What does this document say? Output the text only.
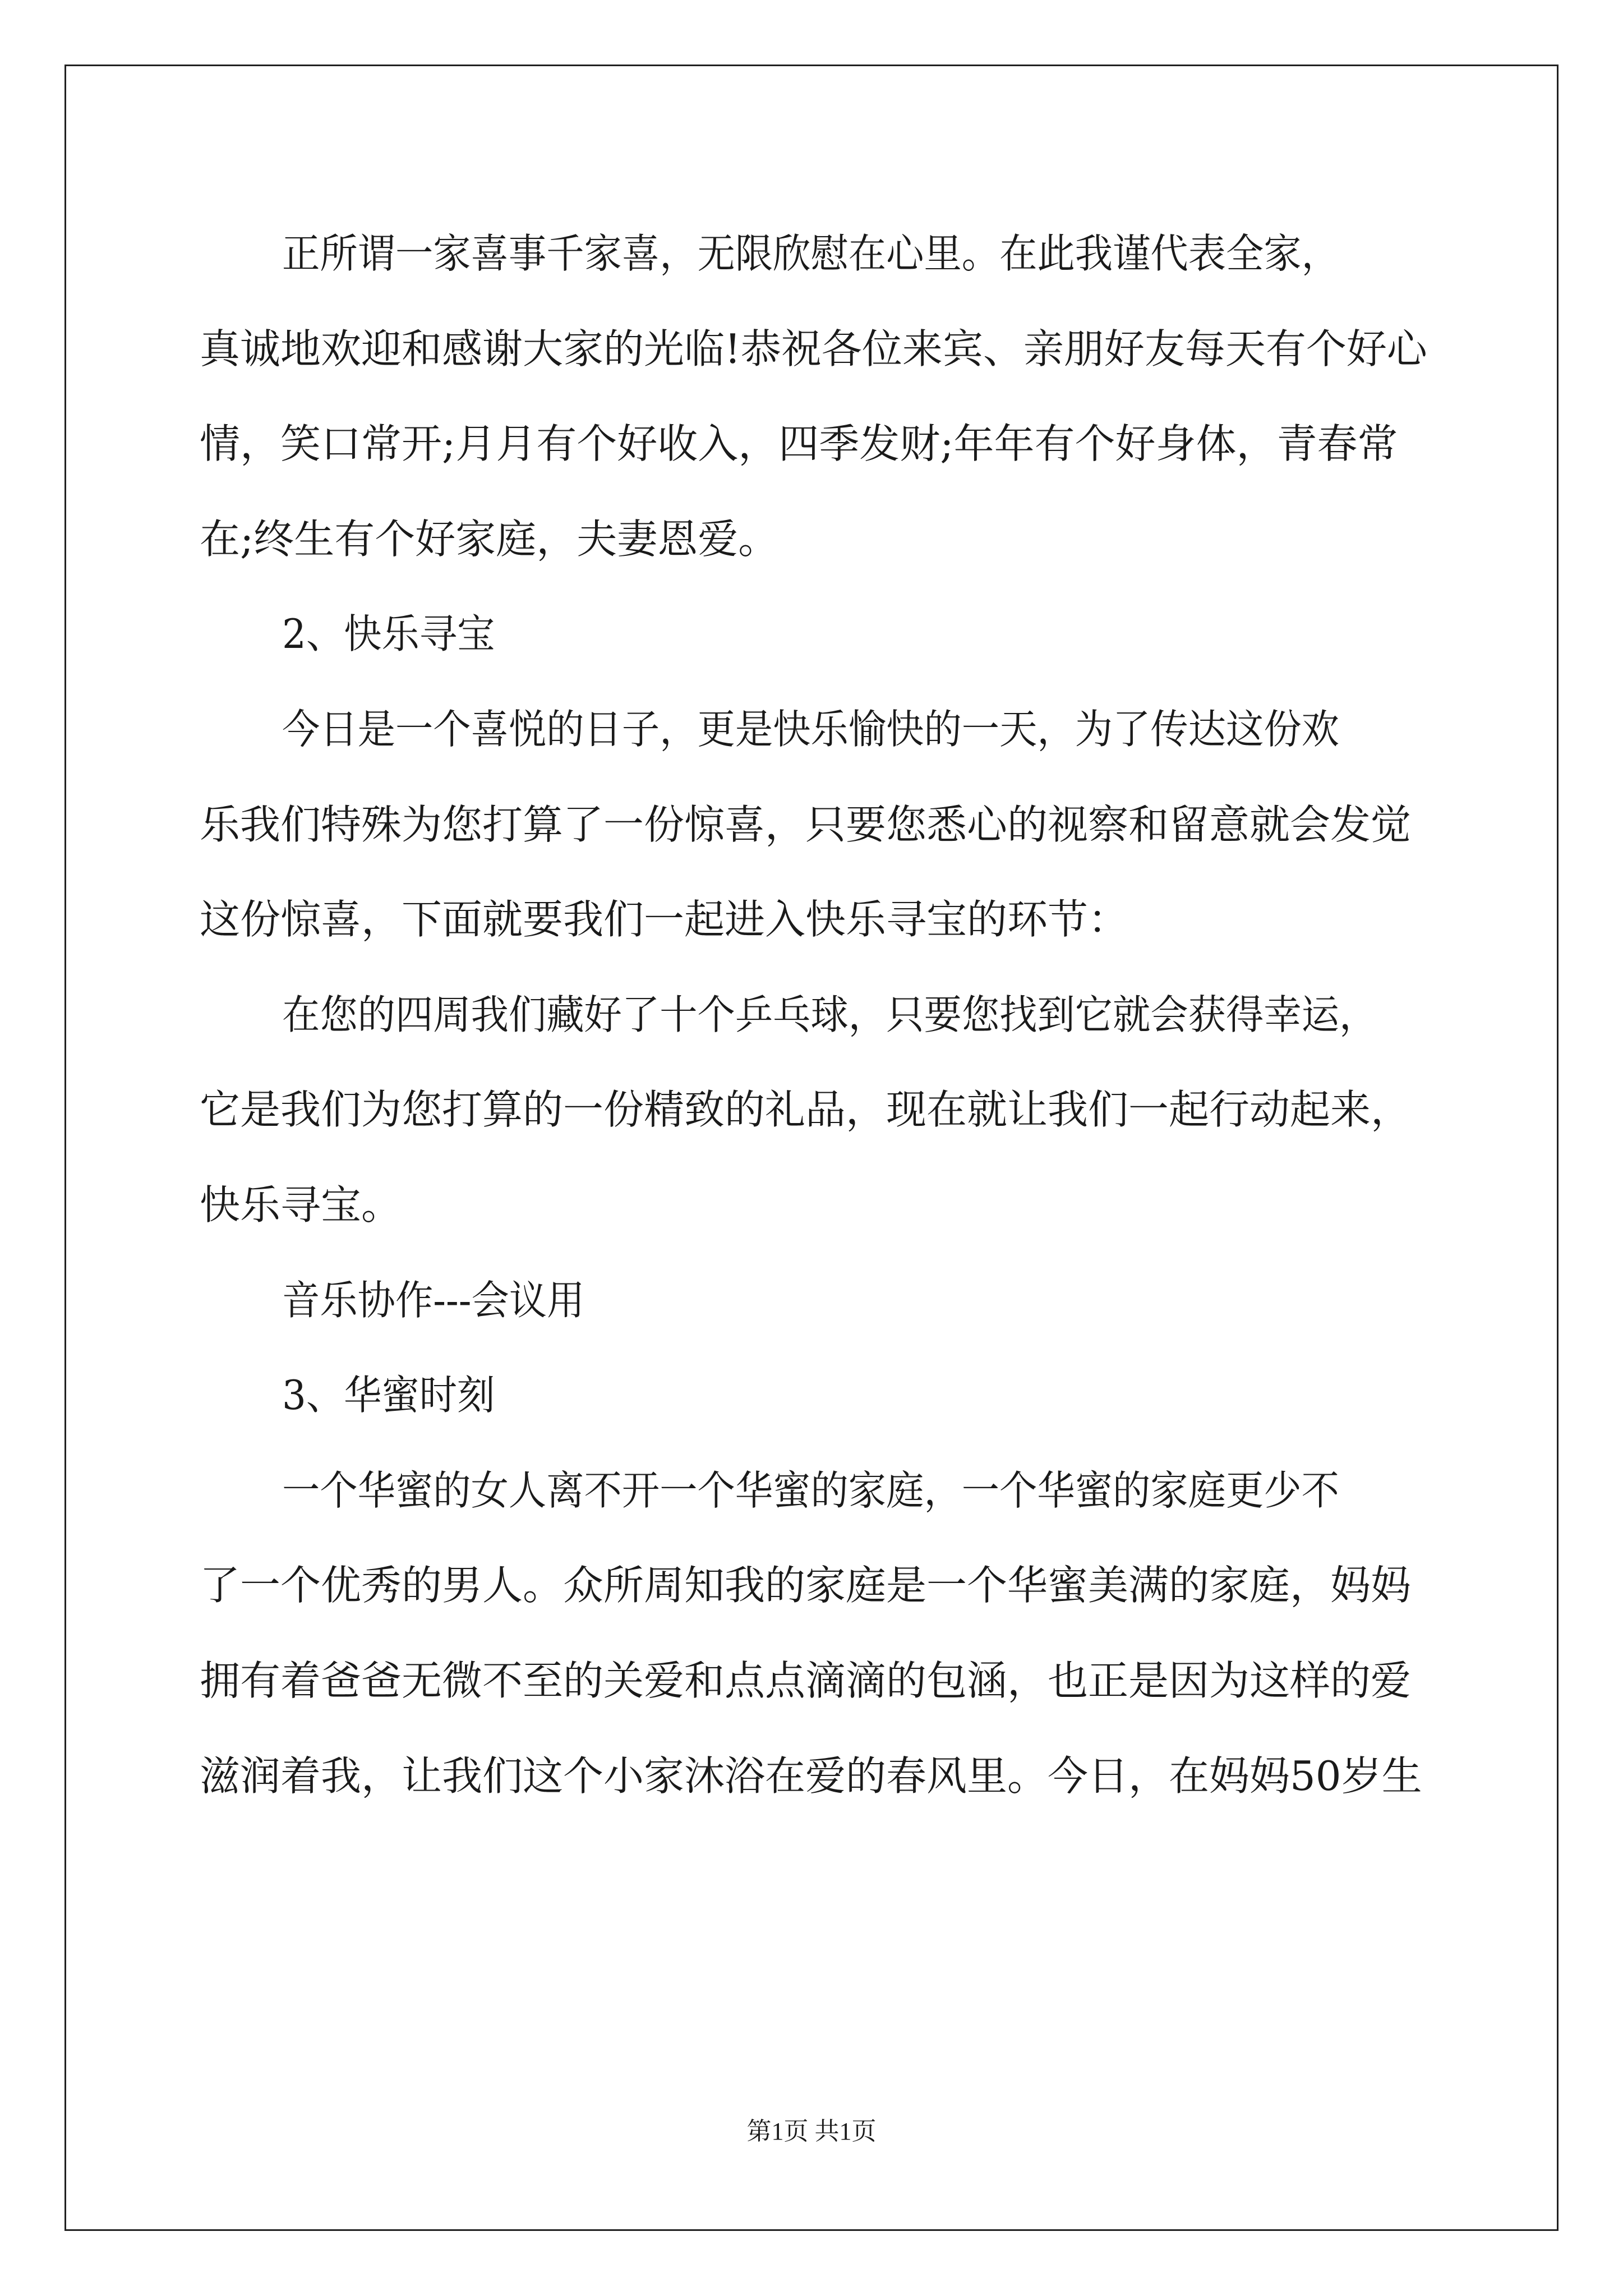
正所谓一家喜事千家喜，无限欣慰在心里。在此我谨代表全家，
真诚地欢迎和感谢大家的光临!恭祝各位来宾、亲朋好友每天有个好心
情，笑口常开;月月有个好收入，四季发财;年年有个好身体，青春常
在;终生有个好家庭，夫妻恩爱。
2、快乐寻宝
今日是一个喜悦的日子，更是快乐愉快的一天，为了传达这份欢
乐我们特殊为您打算了一份惊喜，只要您悉心的视察和留意就会发觉
这份惊喜，下面就要我们一起进入快乐寻宝的环节：
在您的四周我们藏好了十个乒乓球，只要您找到它就会获得幸运，
它是我们为您打算的一份精致的礼品，现在就让我们一起行动起来，
快乐寻宝。
音乐协作---会议用
3、华蜜时刻
一个华蜜的女人离不开一个华蜜的家庭，一个华蜜的家庭更少不
了一个优秀的男人。众所周知我的家庭是一个华蜜美满的家庭，妈妈
拥有着爸爸无微不至的关爱和点点滴滴的包涵，也正是因为这样的爱
滋润着我，让我们这个小家沐浴在爱的春风里。今日，在妈妈50岁生
第1页 共1页
